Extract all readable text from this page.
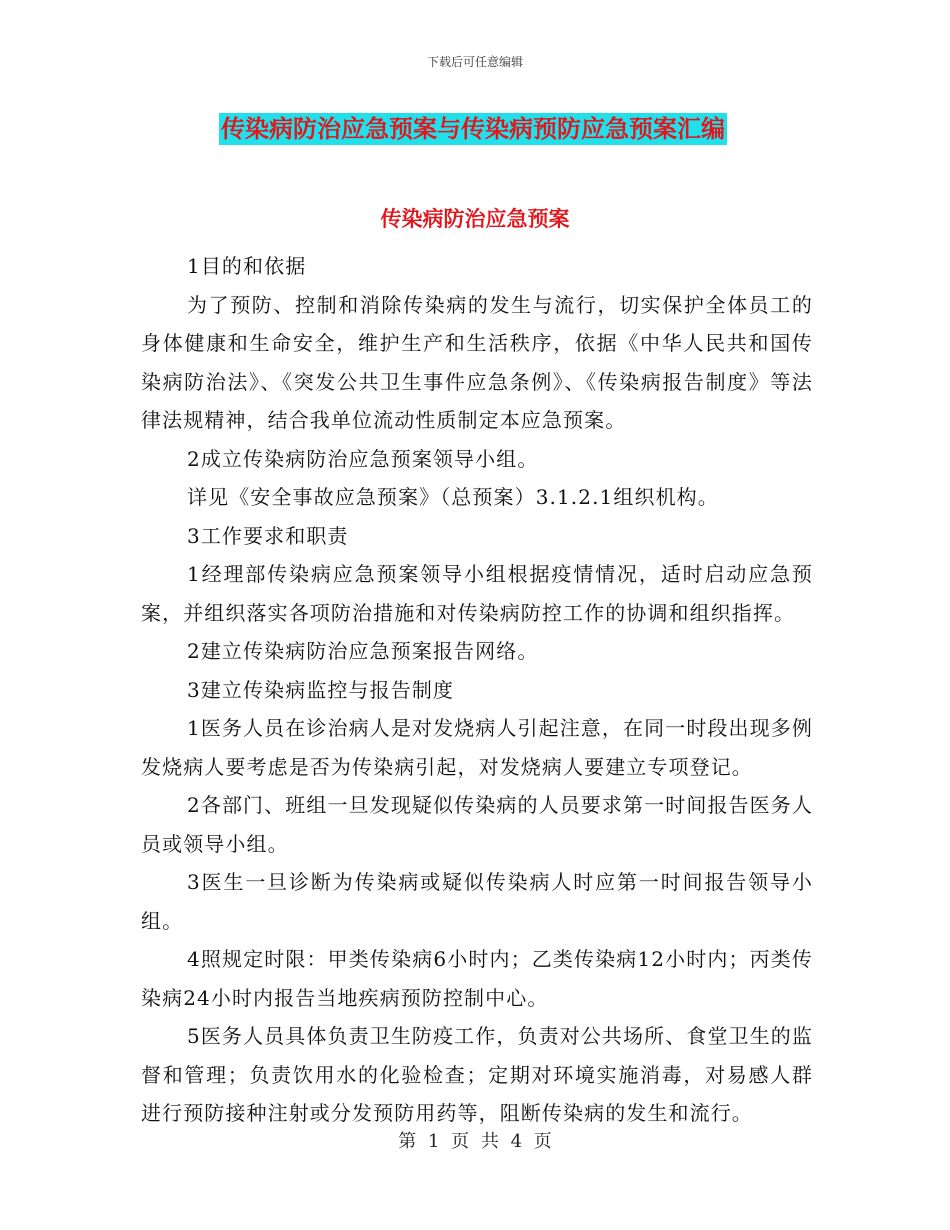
下载后可任意编辑
传染病防治应急预案与传染病预防应急预案汇编
传染病防治应急预案

1目的和依据

为了预防、控制和消除传染病的发生与流行，切实保护全体员工的身体健康和生命安全，维护生产和生活秩序，依据《中华人民共和国传染病防治法》、《突发公共卫生事件应急条例》、《传染病报告制度》等法律法规精神，结合我单位流动性质制定本应急预案。

2成立传染病防治应急预案领导小组。

详见《安全事故应急预案》（总预案）3.1.2.1组织机构。

3工作要求和职责

1经理部传染病应急预案领导小组根据疫情情况，适时启动应急预案，并组织落实各项防治措施和对传染病防控工作的协调和组织指挥。

2建立传染病防治应急预案报告网络。

3建立传染病监控与报告制度

1医务人员在诊治病人是对发烧病人引起注意，在同一时段出现多例发烧病人要考虑是否为传染病引起，对发烧病人要建立专项登记。

2各部门、班组一旦发现疑似传染病的人员要求第一时间报告医务人员或领导小组。

3医生一旦诊断为传染病或疑似传染病人时应第一时间报告领导小组。

4照规定时限：甲类传染病6小时内；乙类传染病12小时内；丙类传染病24小时内报告当地疾病预防控制中心。

5医务人员具体负责卫生防疫工作，负责对公共场所、食堂卫生的监督和管理；负责饮用水的化验检查；定期对环境实施消毒，对易感人群进行预防接种注射或分发预防用药等，阻断传染病的发生和流行。

第 1 页 共 4 页
